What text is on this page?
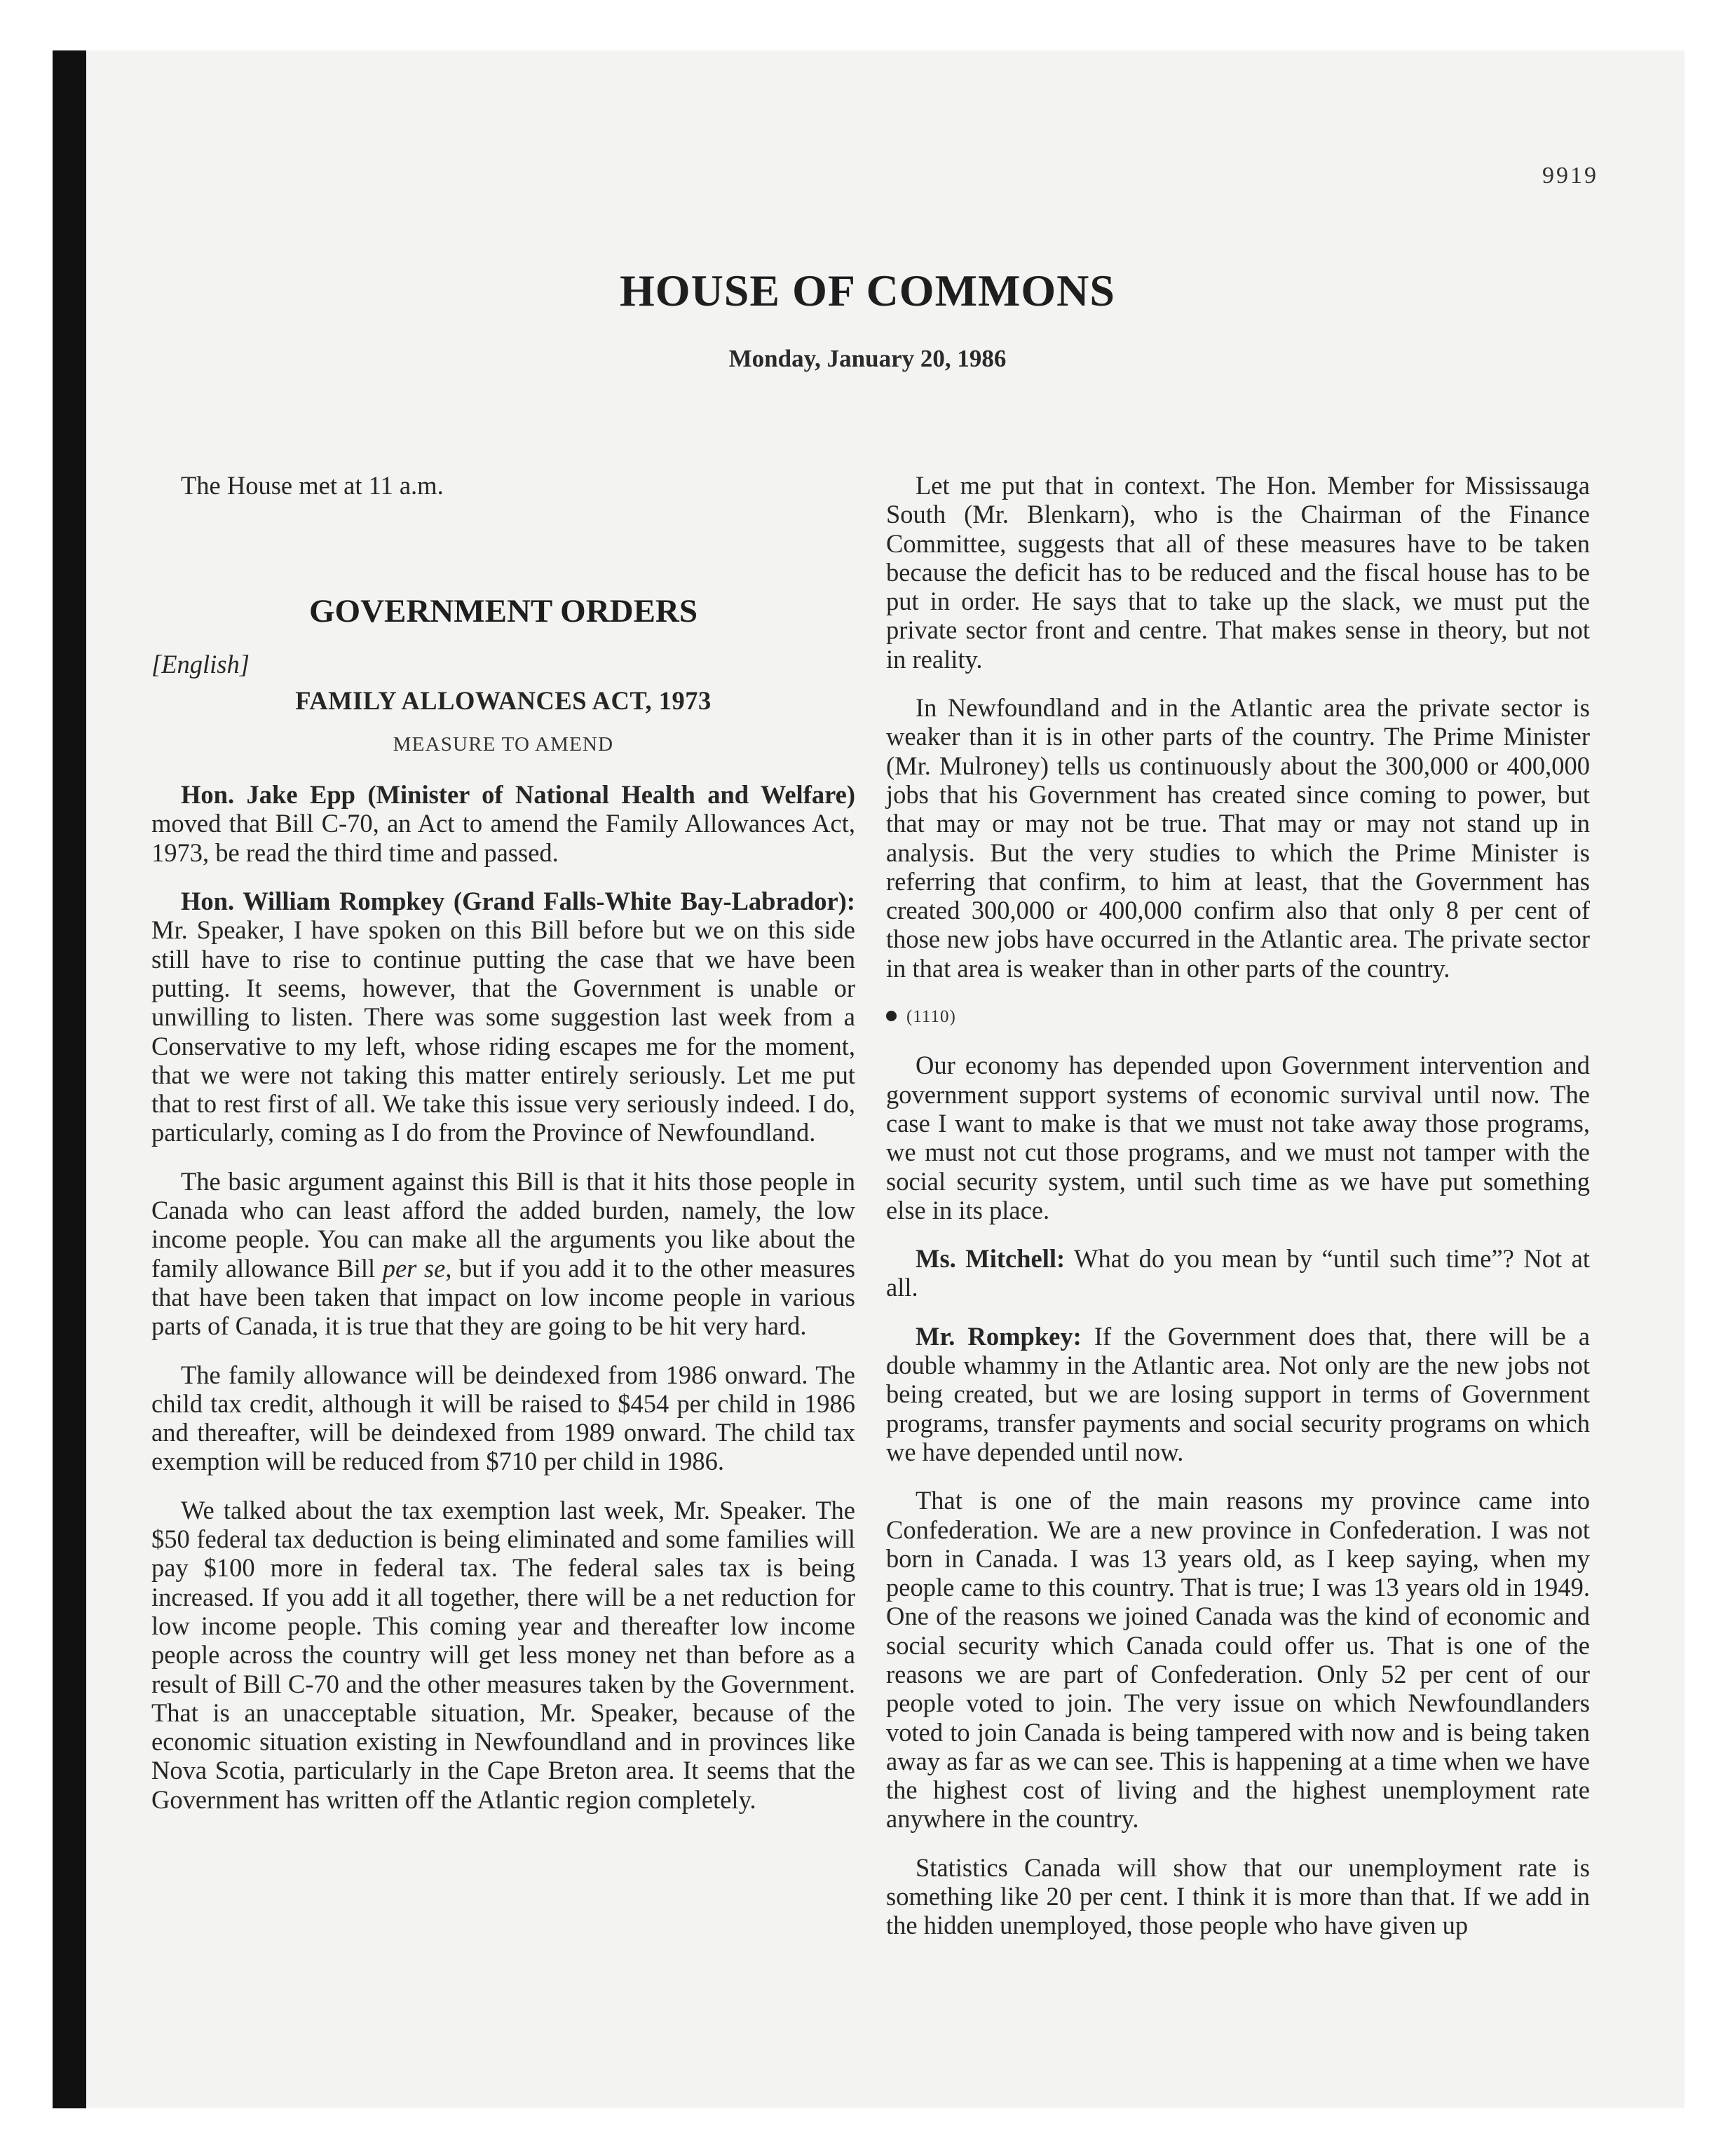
9919
HOUSE OF COMMONS
Monday, January 20, 1986
The House met at 11 a.m.
GOVERNMENT ORDERS
[English]
FAMILY ALLOWANCES ACT, 1973
MEASURE TO AMEND

Hon. Jake Epp (Minister of National Health and Welfare) moved that Bill C-70, an Act to amend the Family Allowances Act, 1973, be read the third time and passed.

Hon. William Rompkey (Grand Falls-White Bay-Labrador): Mr. Speaker, I have spoken on this Bill before but we on this side still have to rise to continue putting the case that we have been putting. It seems, however, that the Government is unable or unwilling to listen. There was some suggestion last week from a Conservative to my left, whose riding escapes me for the moment, that we were not taking this matter entirely seriously. Let me put that to rest first of all. We take this issue very seriously indeed. I do, particularly, coming as I do from the Province of Newfoundland.

The basic argument against this Bill is that it hits those people in Canada who can least afford the added burden, namely, the low income people. You can make all the arguments you like about the family allowance Bill per se, but if you add it to the other measures that have been taken that impact on low income people in various parts of Canada, it is true that they are going to be hit very hard.

The family allowance will be deindexed from 1986 onward. The child tax credit, although it will be raised to $454 per child in 1986 and thereafter, will be deindexed from 1989 onward. The child tax exemption will be reduced from $710 per child in 1986.

We talked about the tax exemption last week, Mr. Speaker. The $50 federal tax deduction is being eliminated and some families will pay $100 more in federal tax. The federal sales tax is being increased. If you add it all together, there will be a net reduction for low income people. This coming year and thereafter low income people across the country will get less money net than before as a result of Bill C-70 and the other measures taken by the Government. That is an unacceptable situation, Mr. Speaker, because of the economic situation existing in Newfoundland and in provinces like Nova Scotia, particularly in the Cape Breton area. It seems that the Government has written off the Atlantic region completely.

Let me put that in context. The Hon. Member for Mississauga South (Mr. Blenkarn), who is the Chairman of the Finance Committee, suggests that all of these measures have to be taken because the deficit has to be reduced and the fiscal house has to be put in order. He says that to take up the slack, we must put the private sector front and centre. That makes sense in theory, but not in reality.

In Newfoundland and in the Atlantic area the private sector is weaker than it is in other parts of the country. The Prime Minister (Mr. Mulroney) tells us continuously about the 300,000 or 400,000 jobs that his Government has created since coming to power, but that may or may not be true. That may or may not stand up in analysis. But the very studies to which the Prime Minister is referring that confirm, to him at least, that the Government has created 300,000 or 400,000 confirm also that only 8 per cent of those new jobs have occurred in the Atlantic area. The private sector in that area is weaker than in other parts of the country.

(1110)

Our economy has depended upon Government intervention and government support systems of economic survival until now. The case I want to make is that we must not take away those programs, we must not cut those programs, and we must not tamper with the social security system, until such time as we have put something else in its place.

Ms. Mitchell: What do you mean by “until such time”? Not at all.

Mr. Rompkey: If the Government does that, there will be a double whammy in the Atlantic area. Not only are the new jobs not being created, but we are losing support in terms of Government programs, transfer payments and social security programs on which we have depended until now.

That is one of the main reasons my province came into Confederation. We are a new province in Confederation. I was not born in Canada. I was 13 years old, as I keep saying, when my people came to this country. That is true; I was 13 years old in 1949. One of the reasons we joined Canada was the kind of economic and social security which Canada could offer us. That is one of the reasons we are part of Confederation. Only 52 per cent of our people voted to join. The very issue on which Newfoundlanders voted to join Canada is being tampered with now and is being taken away as far as we can see. This is happening at a time when we have the highest cost of living and the highest unemployment rate anywhere in the country.

Statistics Canada will show that our unemployment rate is something like 20 per cent. I think it is more than that. If we add in the hidden unemployed, those people who have given up
